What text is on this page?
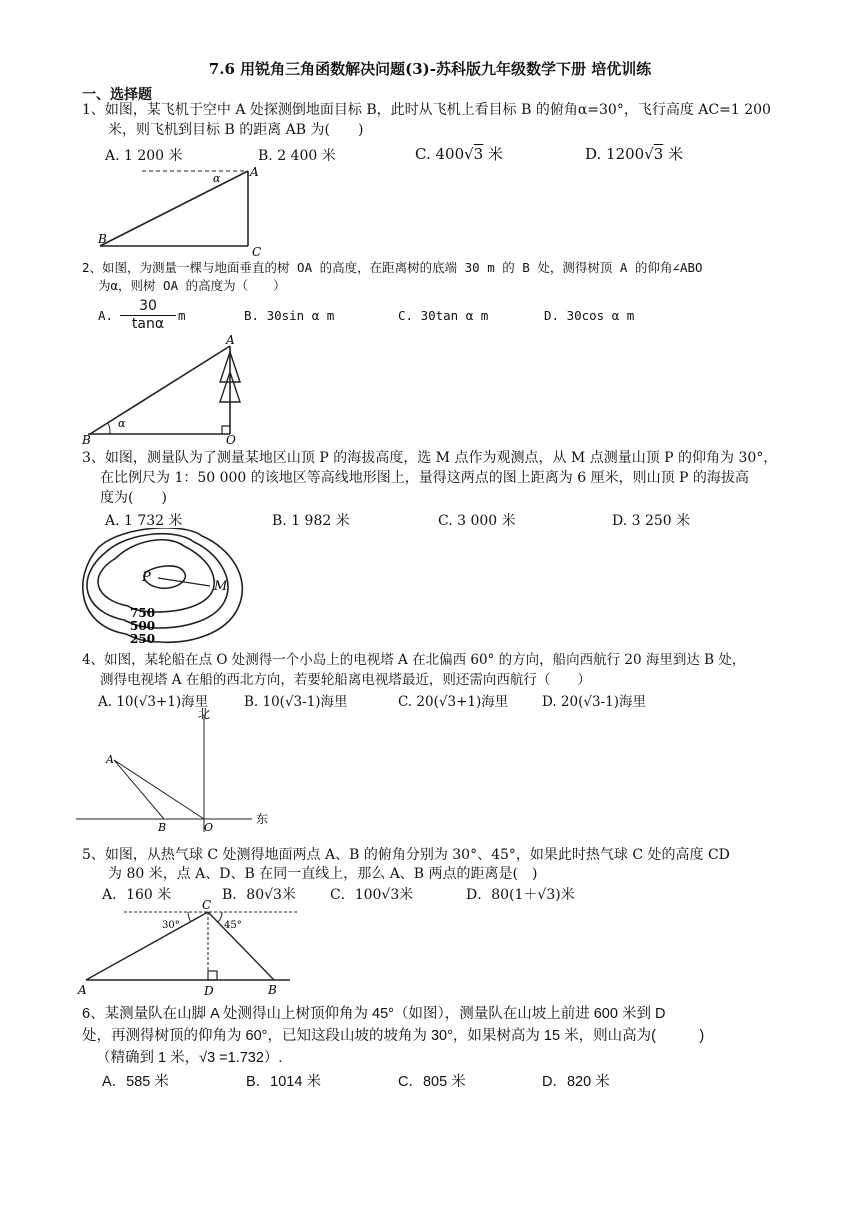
7.6 用锐角三角函数解决问题(3)-苏科版九年级数学下册 培优训练
一、选择题
1、如图，某飞机于空中 A 处探测倒地面目标 B，此时从飞机上看目标 B 的俯角α=30°，飞行高度 AC=1 200
米，则飞机到目标 B 的距离 AB 为(　　)
A. 1 200 米	B. 2 400 米	C. 400√3 米	D. 1200√3 米
A
B
C
α
2、如图，为测量一棵与地面垂直的树 OA 的高度，在距离树的底端 30 m 的 B 处，测得树顶 A 的仰角∠ABO
为α，则树 OA 的高度为（　　）
A. $\frac{30}{\tan\alpha}$ m	B. 30sin α m	C. 30tan α m	D. 30cos α m
A
B	O
α
3、如图，测量队为了测量某地区山顶 P 的海拔高度，选 M 点作为观测点，从 M 点测量山顶 P 的仰角为 30°，
在比例尺为 1：50 000 的该地区等高线地形图上，量得这两点的图上距离为 6 厘米，则山顶 P 的海拔高
度为(　　)
A. 1 732 米	B. 1 982 米	C. 3 000 米	D. 3 250 米
P
M
750
500
250
4、如图，某轮船在点 O 处测得一个小岛上的电视塔 A 在北偏西 60° 的方向，船向西航行 20 海里到达 B 处，
测得电视塔 A 在船的西北方向，若要轮船离电视塔最近，则还需向西航行（　　）
A. 10(√3+1)海里	B. 10(√3-1)海里	C. 20(√3+1)海里	D. 20(√3-1)海里
北
东
A
B	O
5、如图，从热气球 C 处测得地面两点 A、B 的俯角分别为 30°、45°，如果此时热气球 C 处的高度 CD
为 80 米，点 A、D、B 在同一直线上，那么 A、B 两点的距离是(　)
A．160 米	B．80√3米 C．100√3米	D．80(1＋√3)米
C
30°	45°
A	D	B
6、某测量队在山脚 A 处测得山上树顶仰角为 45°（如图），测量队在山坡上前进 600 米到 D
处，再测得树顶的仰角为 60°，已知这段山坡的坡角为 30°，如果树高为 15 米，则山高为(　　　)
（精确到 1 米，√3 =1.732）.
A．585 米	B．1014 米	C．805 米	D．820 米
